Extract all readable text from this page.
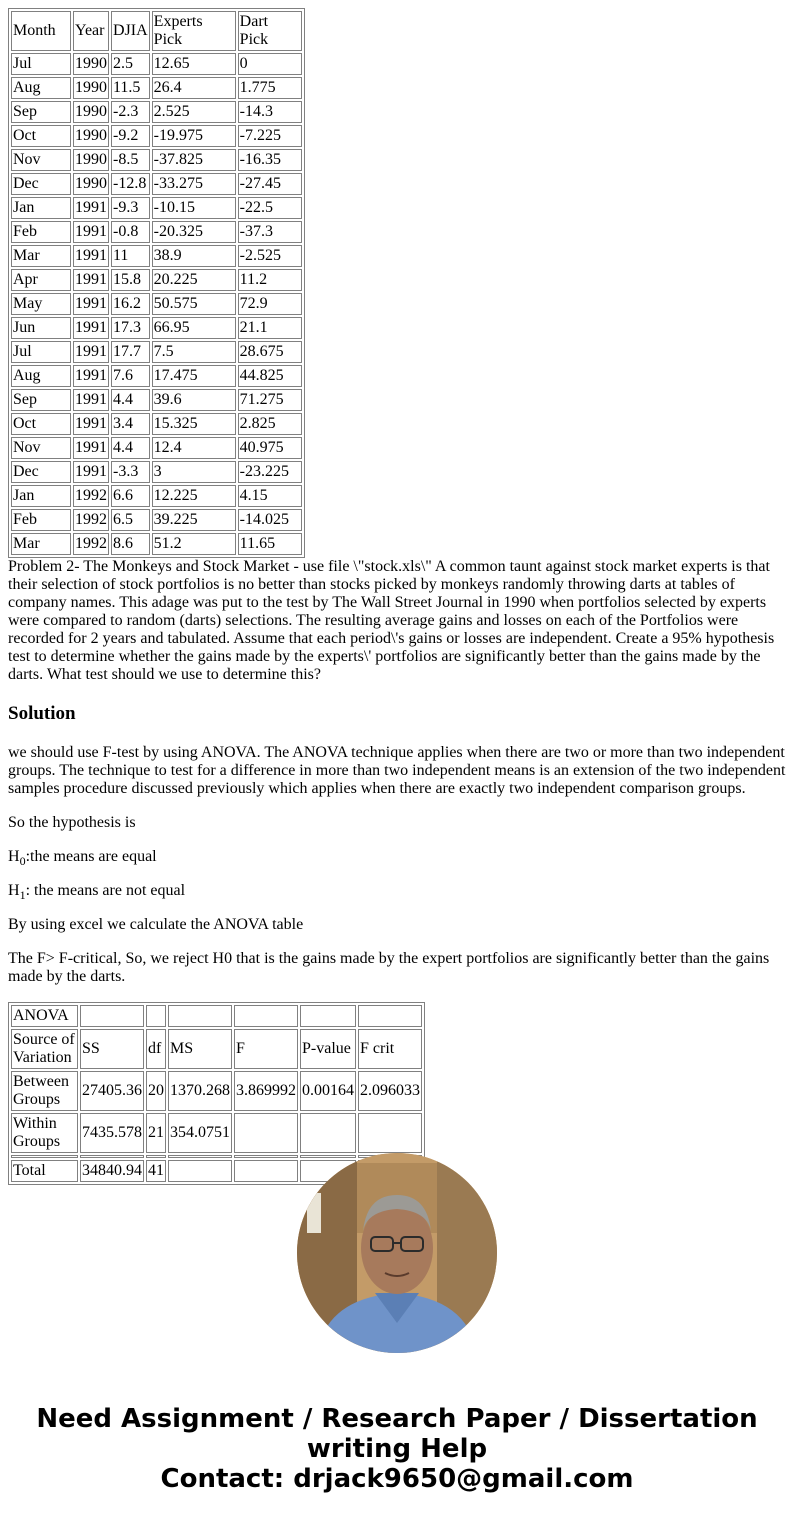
Month	Year	DJIA	Experts Pick	Dart Pick
Jul	1990	2.5	12.65	0
Aug	1990	11.5	26.4	1.775
Sep	1990	-2.3	2.525	-14.3
Oct	1990	-9.2	-19.975	-7.225
Nov	1990	-8.5	-37.825	-16.35
Dec	1990	-12.8	-33.275	-27.45
Jan	1991	-9.3	-10.15	-22.5
Feb	1991	-0.8	-20.325	-37.3
Mar	1991	11	38.9	-2.525
Apr	1991	15.8	20.225	11.2
May	1991	16.2	50.575	72.9
Jun	1991	17.3	66.95	21.1
Jul	1991	17.7	7.5	28.675
Aug	1991	7.6	17.475	44.825
Sep	1991	4.4	39.6	71.275
Oct	1991	3.4	15.325	2.825
Nov	1991	4.4	12.4	40.975
Dec	1991	-3.3	3	-23.225
Jan	1992	6.6	12.225	4.15
Feb	1992	6.5	39.225	-14.025
Mar	1992	8.6	51.2	11.65

Problem 2- The Monkeys and Stock Market - use file \"stock.xls\" A common taunt against stock market experts is that their selection of stock portfolios is no better than stocks picked by monkeys randomly throwing darts at tables of company names. This adage was put to the test by The Wall Street Journal in 1990 when portfolios selected by experts were compared to random (darts) selections. The resulting average gains and losses on each of the Portfolios were recorded for 2 years and tabulated. Assume that each period\'s gains or losses are independent. Create a 95% hypothesis test to determine whether the gains made by the experts\' portfolios are significantly better than the gains made by the darts. What test should we use to determine this?

Solution

we should use F-test by using ANOVA. The ANOVA technique applies when there are two or more than two independent groups. The technique to test for a difference in more than two independent means is an extension of the two independent samples procedure discussed previously which applies when there are exactly two independent comparison groups.

So the hypothesis is

$H_0:the$ means are equal

$H_1$: the means are not equal

By using excel we calculate the ANOVA table

The F> F-critical, So, we reject H0 that is the gains made by the expert portfolios are significantly better than the gains made by the darts.

ANOVA						
Source of Variation	SS	df	MS	F	P-value	F crit
Between Groups	27405.36	20	1370.268	3.869992	0.00164	2.096033
Within Groups	7435.578	21	354.0751			

Total	34840.94	41				
Need Assignment / Research Paper / Dissertation writing Help
Contact: drjack9650@gmail.com
